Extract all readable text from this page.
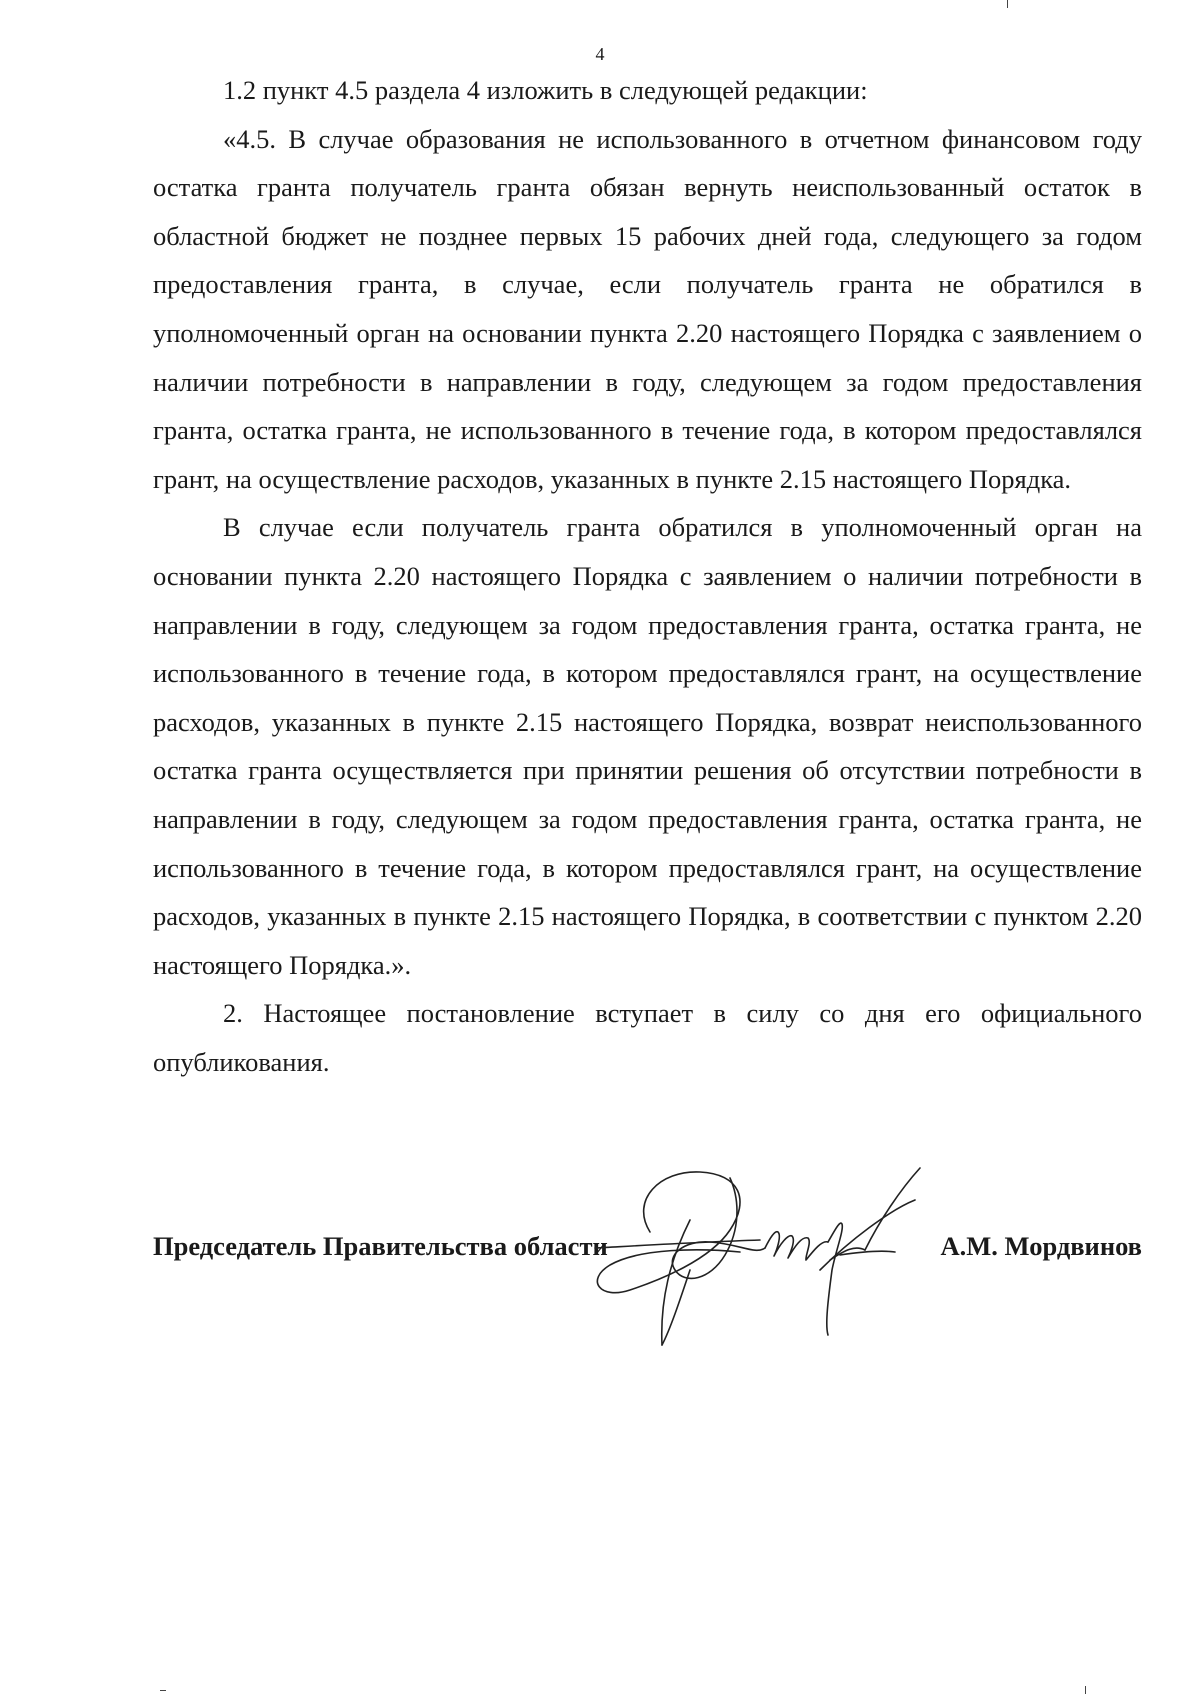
4

1.2 пункт 4.5 раздела 4 изложить в следующей редакции:

«4.5. В случае образования не использованного в отчетном финансовом году остатка гранта получатель гранта обязан вернуть неиспользованный остаток в областной бюджет не позднее первых 15 рабочих дней года, следующего за годом предоставления гранта, в случае, если получатель гранта не обратился в уполномоченный орган на основании пункта 2.20 настоящего Порядка с заявлением о наличии потребности в направлении в году, следующем за годом предоставления гранта, остатка гранта, не использованного в течение года, в котором предоставлялся грант, на осуществление расходов, указанных в пункте 2.15 настоящего Порядка.

В случае если получатель гранта обратился в уполномоченный орган на основании пункта 2.20 настоящего Порядка с заявлением о наличии потребности в направлении в году, следующем за годом предоставления гранта, остатка гранта, не использованного в течение года, в котором предоставлялся грант, на осуществление расходов, указанных в пункте 2.15 настоящего Порядка, возврат неиспользованного остатка гранта осуществляется при принятии решения об отсутствии потребности в направлении в году, следующем за годом предоставления гранта, остатка гранта, не использованного в течение года, в котором предоставлялся грант, на осуществление расходов, указанных в пункте 2.15 настоящего Порядка, в соответствии с пунктом 2.20 настоящего Порядка.».

2. Настоящее постановление вступает в силу со дня его официального опубликования.

Председатель Правительства области	А.М. Мордвинов
